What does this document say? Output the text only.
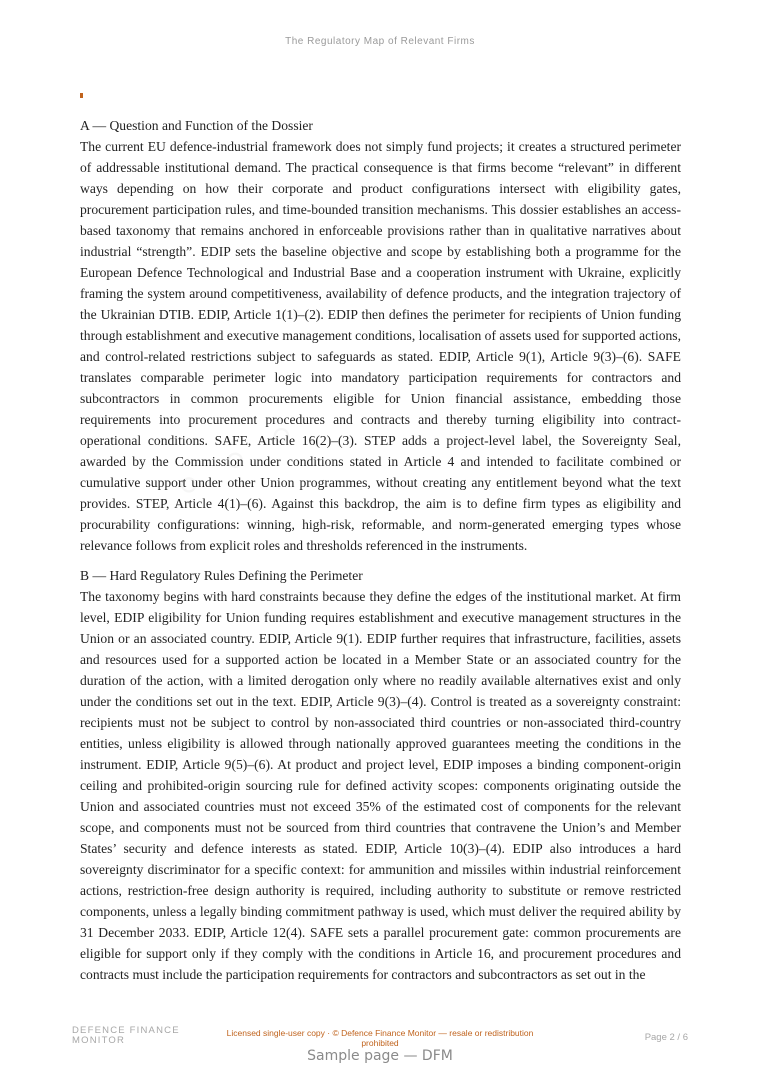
The Regulatory Map of Relevant Firms
A — Question and Function of the Dossier

The current EU defence-industrial framework does not simply fund projects; it creates a structured perimeter of addressable institutional demand. The practical consequence is that firms become “relevant” in different ways depending on how their corporate and product configurations intersect with eligibility gates, procurement participation rules, and time-bounded transition mechanisms. This dossier establishes an access-based taxonomy that remains anchored in enforceable provisions rather than in qualitative narratives about industrial “strength”. EDIP sets the baseline objective and scope by establishing both a programme for the European Defence Technological and Industrial Base and a cooperation instrument with Ukraine, explicitly framing the system around competitiveness, availability of defence products, and the integration trajectory of the Ukrainian DTIB. EDIP, Article 1(1)–(2). EDIP then defines the perimeter for recipients of Union funding through establishment and executive management conditions, localisation of assets used for supported actions, and control-related restrictions subject to safeguards as stated. EDIP, Article 9(1), Article 9(3)–(6). SAFE translates comparable perimeter logic into mandatory participation requirements for contractors and subcontractors in common procurements eligible for Union financial assistance, embedding those requirements into procurement procedures and contracts and thereby turning eligibility into contract-operational conditions. SAFE, Article 16(2)–(3). STEP adds a project-level label, the Sovereignty Seal, awarded by the Commission under conditions stated in Article 4 and intended to facilitate combined or cumulative support under other Union programmes, without creating any entitlement beyond what the text provides. STEP, Article 4(1)–(6). Against this backdrop, the aim is to define firm types as eligibility and procurability configurations: winning, high-risk, reformable, and norm-generated emerging types whose relevance follows from explicit roles and thresholds referenced in the instruments.

B — Hard Regulatory Rules Defining the Perimeter

The taxonomy begins with hard constraints because they define the edges of the institutional market. At firm level, EDIP eligibility for Union funding requires establishment and executive management structures in the Union or an associated country. EDIP, Article 9(1). EDIP further requires that infrastructure, facilities, assets and resources used for a supported action be located in a Member State or an associated country for the duration of the action, with a limited derogation only where no readily available alternatives exist and only under the conditions set out in the text. EDIP, Article 9(3)–(4). Control is treated as a sovereignty constraint: recipients must not be subject to control by non-associated third countries or non-associated third-country entities, unless eligibility is allowed through nationally approved guarantees meeting the conditions in the instrument. EDIP, Article 9(5)–(6). At product and project level, EDIP imposes a binding component-origin ceiling and prohibited-origin sourcing rule for defined activity scopes: components originating outside the Union and associated countries must not exceed 35% of the estimated cost of components for the relevant scope, and components must not be sourced from third countries that contravene the Union’s and Member States’ security and defence interests as stated. EDIP, Article 10(3)–(4). EDIP also introduces a hard sovereignty discriminator for a specific context: for ammunition and missiles within industrial reinforcement actions, restriction-free design authority is required, including authority to substitute or remove restricted components, unless a legally binding commitment pathway is used, which must deliver the required ability by 31 December 2033. EDIP, Article 12(4). SAFE sets a parallel procurement gate: common procurements are eligible for support only if they comply with the conditions in Article 16, and procurement procedures and contracts must include the participation requirements for contractors and subcontractors as set out in the

DEFENCE FINANCE MONITOR
Licensed single-user copy · © Defence Finance Monitor — resale or redistribution prohibited	Page 2 / 6
Sample page — DFM
